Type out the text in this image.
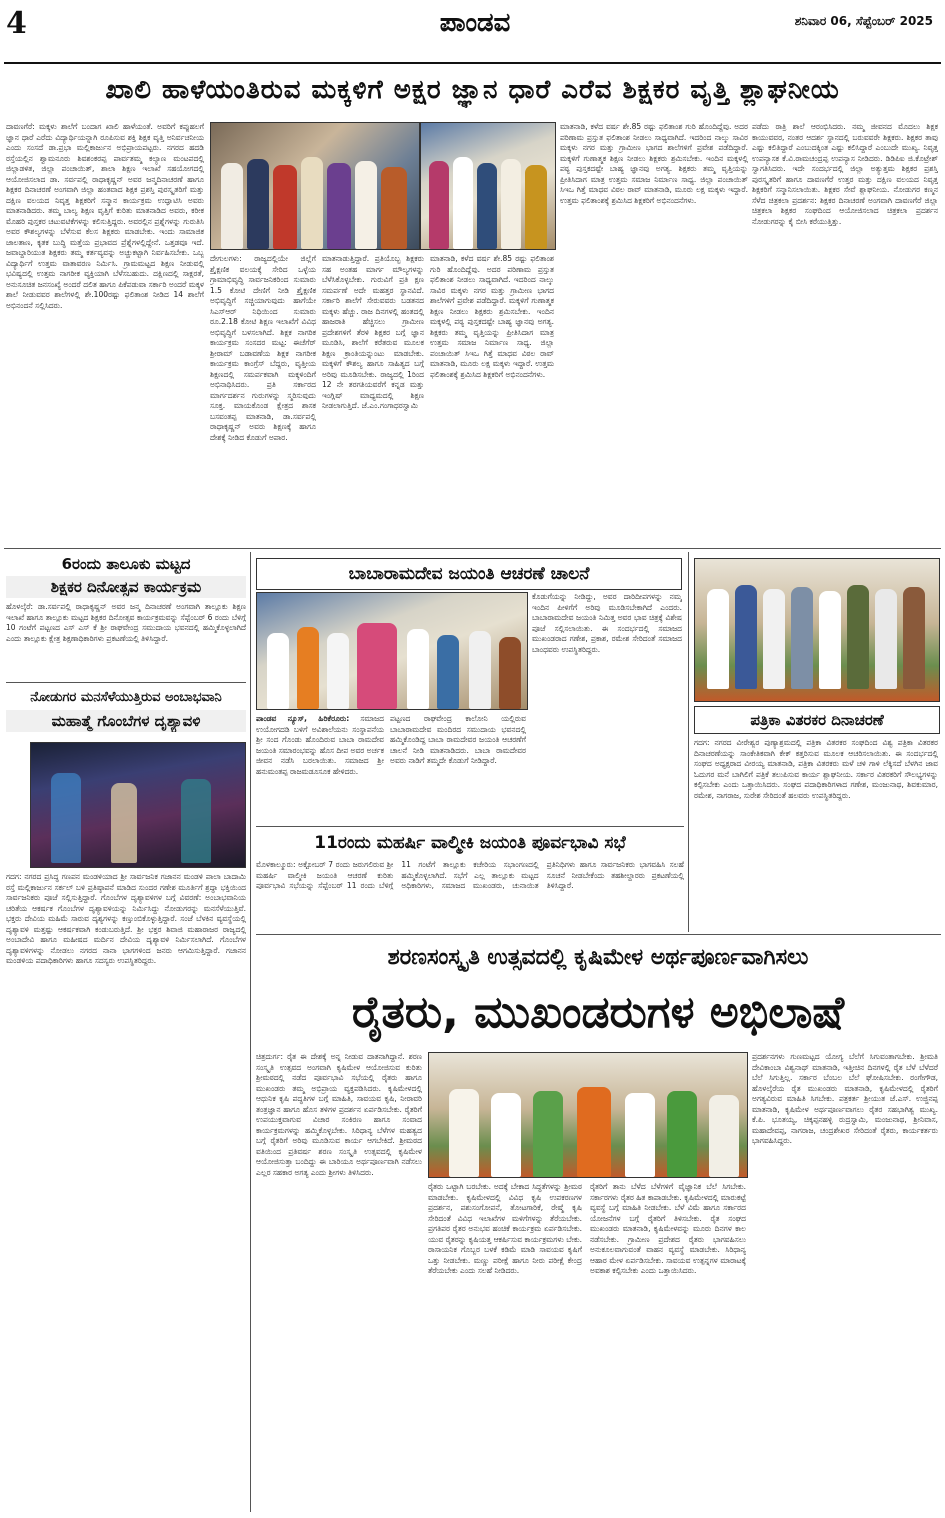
4	ಪಾಂಡವ	ಶನಿವಾರ 06, ಸೆಪ್ಟೆಂಬರ್ 2025
ಖಾಲಿ ಹಾಳೆಯಂತಿರುವ ಮಕ್ಕಳಿಗೆ ಅಕ್ಷರ ಜ್ಞಾನ ಧಾರೆ ಎರೆವ ಶಿಕ್ಷಕರ ವೃತ್ತಿ ಶ್ಲಾಘನೀಯ
ದಾವಣಗೆರೆ: ಮಕ್ಕಳು ಶಾಲೆಗೆ ಬಂದಾಗ ಖಾಲಿ ಹಾಳೆಯಂತೆ. ಅವರಿಗೆ ಕಪ್ಪುಹಲಗೆ ಜ್ಞಾನ ಧಾರೆ ಎರೆದು ವಿದ್ಯಾರ್ಥಿಯನ್ನಾಗಿ ರೂಪಿಸುವ ಶಕ್ತಿ ಶಿಕ್ಷಕ ವೃತ್ತಿ ಅನಿರ್ವಚನೀಯ ಎಂದು ಸಂಸದೆ ಡಾ.ಪ್ರಭಾ ಮಲ್ಲಿಕಾರ್ಜುನ ಅಭಿಪ್ರಾಯಪಟ್ಟರು. ನಗರದ ಹದಡಿ ರಸ್ತೆಯಲ್ಲಿನ ಶ್ವಾಮನೂರು ಶಿವಶಂಕರಪ್ಪ ಪಾರ್ವತಮ್ಮ ಕಲ್ಯಾಣ ಮಂಟಪದಲ್ಲಿ ಜಿಲ್ಲಾಡಳಿತ, ಜಿಲ್ಲಾ ಪಂಚಾಯಿತ್, ಶಾಲಾ ಶಿಕ್ಷಣ ಇಲಾಖೆ ಸಹಯೋಗದಲ್ಲಿ ಆಯೋಜಿಸಲಾದ ಡಾ. ಸರ್ವಪಲ್ಲಿ ರಾಧಾಕೃಷ್ಣನ್ ಅವರ ಜನ್ಮದಿನಾಚರಣೆ ಹಾಗೂ ಶಿಕ್ಷಕರ ದಿನಾಚರಣೆ ಅಂಗವಾಗಿ ಜಿಲ್ಲಾ ಹಂತವಾದ ಶಿಕ್ಷಕ ಪ್ರಶಸ್ತಿ ಪುರಸ್ಕೃತರಿಗೆ ಮತ್ತು ದಕ್ಷಿಣ ವಲಯದ ನಿವೃತ್ತ ಶಿಕ್ಷಕರಿಗೆ ಸನ್ಮಾನ ಕಾರ್ಯಕ್ರಮ ಉದ್ಘಾಟಿಸಿ ಅವರು ಮಾತನಾಡಿದರು. ತಮ್ಮ ಬಾಲ್ಯ ಶಿಕ್ಷಣ ವೃತ್ತಿಗೆ ಕುರಿತು ಮಾತನಾಡಿದ ಅವರು, ಕರೀಕ ಮೊಹರಿ ಪುಸ್ತಕರ ಚಟುವಟಿಕೆಗಳನ್ನು ಕಲಿಸುತ್ತಿದ್ದರು. ಅವರಲ್ಲಿನ ಪ್ರಶ್ನೆಗಳನ್ನು ಗುರುತಿಸಿ ಅವರ ಕೌಶಲ್ಯಗಳನ್ನು ಬೆಳೆಸುವ ಕೆಲಸ ಶಿಕ್ಷಕರು ಮಾಡಬೇಕು. ಇಂದು ಸಾಮಾಜಿಕ ಜಾಲತಾಣ, ಕೃತಕ ಬುದ್ಧಿ ಮತ್ತೆಯ ಪ್ರಭಾವದ ಪ್ರೆಶ್ನೆಗಳಲ್ಲಿದ್ದೇನೆ. ಒತ್ತಡವೂ ಇದೆ. ಜವಾಬ್ದಾರಿಯುತ ಶಿಕ್ಷಕರು ತಮ್ಮ ಕರ್ತವ್ಯವನ್ನು ಅಚ್ಚುಕಟ್ಟಾಗಿ ನಿರ್ವಹಿಸಬೇಕು. ಒಬ್ಬ ವಿದ್ಯಾರ್ಥಿಗೆ ಉತ್ತಮ ವಾತಾವರಣ ನಿರ್ಮಿಸಿ. ಗ್ರಾಮಮಟ್ಟದ ಶಿಕ್ಷಣ ನೀಡುವಲ್ಲಿ ಭವಿಷ್ಯದಲ್ಲಿ ಉತ್ತಮ ನಾಗರೀಕ ವ್ಯಕ್ತಿಯಾಗಿ ಬೆಳೆಸಬಹುದು. ದಕ್ಷಿಣದಲ್ಲಿ ಸಾಕ್ಷರತೆ, ಅನುಸೂಚಿತ ಜನಸಂಖ್ಯೆ ಅಂದರೆ ದಲಿತ ಹಾಗೂ ಪಿಕೆಪಡುವಾ ಸರ್ಕಾರಿ ಅಂದರೆ ಮಕ್ಕಳ ಶಾಲೆ ನೀಡುವವರ ಶಾಲೆಗಳಲ್ಲಿ ಶೇ.100ರಷ್ಟು ಫಲಿತಾಂಶ ನೀಡಿದ 14 ಶಾಲೆಗೆ ಅಭಿನಂದನೆ ಸಲ್ಲಿಸಿದರು.
ದೇಗುಲಗಳು: ರಾಜ್ಯದಲ್ಲಿಯೇ ಜಿಲ್ಲೆಗೆ ಶ್ರೈಕ್ಷಣಿಕ ವಲಯಕ್ಕೆ ಸೇರಿದ ಒಳ್ಳೆಯ ಗ್ರಾಮಾಭಿವೃದ್ಧಿ ಸಾರ್ವಜನಿಕರಿಂದ ಸುಮಾರು 1.5 ಕೋಟಿ ದೇಣಿಗೆ ನೀಡಿ ಶ್ರೈಕ್ಷಣಿಕ ಅಭಿವೃದ್ಧಿಗೆ ಸಚ್ಚಿಯಾಗುವುದು ಹಾಗೆಯೇ ಸಿಎಸ್‌ಆರ್ ನಿಧಿಯಿಂದ ಸುಮಾರು ರೂ.2.18 ಕೋಟಿ ಶಿಕ್ಷಣ ಇಲಾಖೆಗೆ ವಿವಿಧ ಅಭಿವೃದ್ಧಿಗೆ ಬಳಸಲಾಗಿದೆ. ಶಿಕ್ಷಕ ನಾಗರಿಕ ಕಾರ್ಯಕ್ರಮ ಸಂಸದರ ಮಟ್ಟ: ಈಚೆಗೆರ್ ಶ್ರೀರಾಮ್ ಬಡಾವಣೆಯ ಶಿಕ್ಷಕ ನಾಗರೀಕ ಕಾರ್ಯಕ್ರಮ ಕಾಂಗ್ರೆಸ್ ಬೆದ್ದರು, ವೃತ್ತೀಯ ಶಿಕ್ಷಣದಲ್ಲಿ ಸಮರ್ಪಕವಾಗಿ ಮಕ್ಕಳಿಂದಿಗೆ ಅಭಿನಾಥಿಸಿದರು. ಪ್ರತಿ ಸರ್ಕಾರದ ಮಾರ್ಗದರ್ಶನ ಗುರುಗಳನ್ನು ಸ್ಮರಿಸುವುದು ಸೂಕ್ತ. ಮಾಯಕೊಂಡ ಕ್ಷೇತ್ರದ ಶಾಸಕ ಬಸವಂತಪ್ಪ ಮಾತನಾಡಿ, ಡಾ.ಸರ್ವಪಲ್ಲಿ ರಾಧಾಕೃಷ್ಣನ್ ಅವರು ಶಿಕ್ಷಣಕ್ಕೆ ಹಾಗೂ ದೇಶಕ್ಕೆ ನೀಡಿದ ಕೊಡುಗೆ ಅಪಾರ.
ಮಾತನಾಡುತ್ತಿದ್ದಾರೆ. ಪ್ರತಿಯೊಬ್ಬ ಶಿಕ್ಷಕರು ಸಹ ಅಂತಹ ಮಾರ್ಗ ಮೌಲ್ಯಗಳನ್ನು ಬೆಳೆಸಿಕೊಳ್ಳಬೇಕು. ಗುರುವಿಗೆ ಪ್ರತಿ ಕ್ಷಣ ಸಮರ್ಪಣೆ ಅದೇ ಮಹತ್ತರ ಸ್ಥಾನವಿದೆ. ಸರ್ಕಾರಿ ಶಾಲೆಗೆ ಸೇರುವವರು ಬಡತನದ ಮಕ್ಕಳು ಹೆಚ್ಚು. ರಾಜ ದಿನಗಳಲ್ಲಿ ಹಂತದಲ್ಲಿ ಹಾಜರಾತಿ ಹೆಚ್ಚಿಸಲು ಗ್ರಾಮೀಣ ಪ್ರದೇಶಗಳಿಗೆ ತೆರಳಿ ಶಿಕ್ಷಕರ ಬಗ್ಗೆ ಜ್ಞಾನ ಮೂಡಿಸಿ, ಶಾಲೆಗೆ ಕರೆತರುವ ಮೂಲಕ ಶಿಕ್ಷಣ ಕ್ರಾಂತಿಯನ್ನುಂಟು ಮಾಡಬೇಕು. ಮಕ್ಕಳಿಗೆ ಕೌಶಲ್ಯ ಹಾಗೂ ಸಾಹಿತ್ಯದ ಬಗ್ಗೆ ಅರಿವು ಮೂಡಿಸಬೇಕು. ರಾಜ್ಯದಲ್ಲಿ 1ರಿಂದ 12 ನೇ ತರಗತಿಯವರೆಗೆ ಕನ್ನಡ ಮತ್ತು ಇಂಗ್ಲಿಷ್ ಮಾಧ್ಯಮದಲ್ಲಿ ಶಿಕ್ಷಣ ನೀಡಲಾಗುತ್ತಿದೆ. ಜೆ.ಎಂ.ಗಂಗಾಧರಸ್ವಾಮಿ
ಮಾತನಾಡಿ, ಕಳೆದ ವರ್ಷ ಶೇ.85 ರಷ್ಟು ಫಲಿತಾಂಶ ಗುರಿ ಹೊಂದಿದ್ದೆವು. ಅದರ ಪರಿಣಾಮ ಪ್ರಸ್ತುತ ಫಲಿತಾಂಶ ನೀಡಲು ಸಾಧ್ಯವಾಗಿದೆ. ಇದರಿಂದ ನಾಲ್ಕು ಸಾವಿರ ಮಕ್ಕಳು ನಗರ ಮತ್ತು ಗ್ರಾಮೀಣ ಭಾಗದ ಶಾಲೆಗಳಿಗೆ ಪ್ರವೇಶ ಪಡೆದಿದ್ದಾರೆ. ಮಕ್ಕಳಿಗೆ ಗುಣಾತ್ಮಕ ಶಿಕ್ಷಣ ನೀಡಲು ಶಿಕ್ಷಕರು ಶ್ರಮಿಸಬೇಕು. ಇಂದಿನ ಮಕ್ಕಳಲ್ಲಿ ಪಠ್ಯ ಪುಸ್ತಕದಷ್ಟೇ ಬಾಹ್ಯ ಜ್ಞಾನವು ಅಗತ್ಯ. ಶಿಕ್ಷಕರು ತಮ್ಮ ವೃತ್ತಿಯನ್ನು ಪ್ರೀತಿಸಿದಾಗ ಮಾತ್ರ ಉತ್ತಮ ಸಮಾಜ ನಿರ್ಮಾಣ ಸಾಧ್ಯ. ಜಿಲ್ಲಾ ಪಂಚಾಯಿತ್ ಸಿಇಒ ಗಿತ್ತೆ ಮಾಧವ ವಿಠಲ ರಾವ್ ಮಾತನಾಡಿ, ಮೂರು ಲಕ್ಷ ಮಕ್ಕಳು ಇದ್ದಾರೆ. ಉತ್ತಮ ಫಲಿತಾಂಶಕ್ಕೆ ಶ್ರಮಿಸಿದ ಶಿಕ್ಷಕರಿಗೆ ಅಭಿನಂದನೆಗಳು.
ಪಡೆದು ರಾತ್ರಿ ಶಾಲೆ ಆರಂಭಿಸಿದರು. ನಮ್ಮ ಜೀವನದ ಮೊದಲು ಶಿಕ್ಷಕ ಕಾಯುವವರ, ನಂತರ ಆದರ್ಶ ಸ್ಥಾನದಲ್ಲಿ ಬರುವವರೇ ಶಿಕ್ಷಕರು. ಶಿಕ್ಷಕರ ತಾವು ಎಷ್ಟು ಕಲಿತಿದ್ದಾರೆ ಎಂಬುದಕ್ಕಿಂತ ಎಷ್ಟು ಕಲಿಸಿದ್ದಾರೆ ಎಂಬುದೇ ಮುಖ್ಯ. ನಿವೃತ್ತ ಉಪನ್ಯಾಸಕ ಕೆ.ವಿ.ರಾಮಚಂದ್ರಪ್ಪ ಉಪನ್ಯಾಸ ನೀಡಿದರು. ಡಿಡಿಪಿಐ ಜಿ.ಕೊಟ್ರೇಶ್ ಸ್ವಾಗತಿಸಿದರು. ಇದೇ ಸಂದರ್ಭದಲ್ಲಿ ಜಿಲ್ಲಾ ಅತ್ಯುತ್ತಮ ಶಿಕ್ಷಕರ ಪ್ರಶಸ್ತಿ ಪುರಸ್ಕೃತರಿಗೆ ಹಾಗೂ ದಾವಣಗೆರೆ ಉತ್ತರ ಮತ್ತು ದಕ್ಷಿಣ ವಲಯದ ನಿವೃತ್ತ ಶಿಕ್ಷಕರಿಗೆ ಸನ್ಮಾನಿಸಲಾಯಿತು. ಶಿಕ್ಷಕರ ಸೇವೆ ಶ್ಲಾಘನೀಯ. ನೋಡುಗರ ಕಣ್ಮನ ಸೆಳೆದ ಚಿತ್ರಕಲಾ ಪ್ರದರ್ಶನ: ಶಿಕ್ಷಕರ ದಿನಾಚರಣೆ ಅಂಗವಾಗಿ ದಾವಣಗೆರೆ ಜಿಲ್ಲಾ ಚಿತ್ರಕಲಾ ಶಿಕ್ಷಕರ ಸಂಘದಿಂದ ಆಯೋಜಿಸಲಾದ ಚಿತ್ರಕಲಾ ಪ್ರದರ್ಶನ ನೋಡುಗರನ್ನು ಕೈ ಬೀಸಿ ಕರೆಯುತ್ತಿತ್ತು.
ಮಾತನಾಡಿ, ಕಳೆದ ವರ್ಷ ಶೇ.85 ರಷ್ಟು ಫಲಿತಾಂಶ ಗುರಿ ಹೊಂದಿದ್ದೆವು. ಅದರ ಪರಿಣಾಮ ಪ್ರಸ್ತುತ ಫಲಿತಾಂಶ ನೀಡಲು ಸಾಧ್ಯವಾಗಿದೆ. ಇದರಿಂದ ನಾಲ್ಕು ಸಾವಿರ ಮಕ್ಕಳು ನಗರ ಮತ್ತು ಗ್ರಾಮೀಣ ಭಾಗದ ಶಾಲೆಗಳಿಗೆ ಪ್ರವೇಶ ಪಡೆದಿದ್ದಾರೆ. ಮಕ್ಕಳಿಗೆ ಗುಣಾತ್ಮಕ ಶಿಕ್ಷಣ ನೀಡಲು ಶಿಕ್ಷಕರು ಶ್ರಮಿಸಬೇಕು. ಇಂದಿನ ಮಕ್ಕಳಲ್ಲಿ ಪಠ್ಯ ಪುಸ್ತಕದಷ್ಟೇ ಬಾಹ್ಯ ಜ್ಞಾನವು ಅಗತ್ಯ. ಶಿಕ್ಷಕರು ತಮ್ಮ ವೃತ್ತಿಯನ್ನು ಪ್ರೀತಿಸಿದಾಗ ಮಾತ್ರ ಉತ್ತಮ ಸಮಾಜ ನಿರ್ಮಾಣ ಸಾಧ್ಯ. ಜಿಲ್ಲಾ ಪಂಚಾಯಿತ್ ಸಿಇಒ ಗಿತ್ತೆ ಮಾಧವ ವಿಠಲ ರಾವ್ ಮಾತನಾಡಿ, ಮೂರು ಲಕ್ಷ ಮಕ್ಕಳು ಇದ್ದಾರೆ. ಉತ್ತಮ ಫಲಿತಾಂಶಕ್ಕೆ ಶ್ರಮಿಸಿದ ಶಿಕ್ಷಕರಿಗೆ ಅಭಿನಂದನೆಗಳು.
6ರಂದು ತಾಲೂಕು ಮಟ್ಟದ
ಶಿಕ್ಷಕರ ದಿನೋತ್ಸವ ಕಾರ್ಯಕ್ರಮ
ಹೊಳಲ್ಕೆರೆ: ಡಾ.ಸರ್ವಪಲ್ಲಿ ರಾಧಾಕೃಷ್ಣನ್ ಅವರ ಜನ್ಮ ದಿನಾಚರಣೆ ಅಂಗವಾಗಿ ತಾಲ್ಲೂಕು ಶಿಕ್ಷಣ ಇಲಾಖೆ ಹಾಗೂ ತಾಲ್ಲೂಕು ಮಟ್ಟದ ಶಿಕ್ಷಕರ ದಿನೋತ್ಸವ ಕಾರ್ಯಕ್ರಮವನ್ನು ಸೆಪ್ಟೆಂಬರ್ 6 ರಂದು ಬೆಳಿಗ್ಗೆ 10 ಗಂಟೆಗೆ ಪಟ್ಟಣದ ಎಸ್ ಎಸ್ ಕೆ ಶ್ರೀ ರಾಘವೇಂದ್ರ ಸಮುದಾಯ ಭವನದಲ್ಲಿ ಹಮ್ಮಿಕೊಳ್ಳಲಾಗಿದೆ ಎಂದು ತಾಲ್ಲೂಕು ಕ್ಷೇತ್ರ ಶಿಕ್ಷಣಾಧಿಕಾರಿಗಳು ಪ್ರಕಟಣೆಯಲ್ಲಿ ತಿಳಿಸಿದ್ದಾರೆ.
ನೋಡುಗರ ಮನಸೆಳೆಯುತ್ತಿರುವ ಅಂಬಾಭವಾನಿ
ಮಹಾತ್ಮೆ ಗೊಂಬೆಗಳ ದೃಶ್ಯಾವಳಿ
ಗದಗ: ನಗರದ ಪ್ರಸಿದ್ಧ ಗಣಪನ ಮಂಡಳಿಯಾದ ಶ್ರೀ ಸಾರ್ವಜನಿಕ ಗಜಾನನ ಮಂಡಳಿ ಪಾಲಾ ಬಾದಾಮಿ ರಸ್ತೆ ಮಲ್ಲಿಕಾರ್ಜುನ ಸರ್ಕಲ್ ಬಳಿ ಪ್ರತಿಷ್ಠಾಪನೆ ಮಾಡಿದ ಸುಂದರ ಗಣೇಶ ಮೂರ್ತಿಗೆ ಶ್ರದ್ಧಾ ಭಕ್ತಿಯಿಂದ ಸಾರ್ವಜನಿಕರು ಪೂಜೆ ಸಲ್ಲಿಸುತ್ತಿದ್ದಾರೆ. ಗೊಂಬೆಗಳ ದೃಶ್ಯಾವಳಿಗಳ ಬಗ್ಗೆ ವಿವರಣೆ: ಅಂಬಾಭವಾನಿಯ ಚರಿತೆಯ ಆಕರ್ಷಕ ಗೊಂಬೆಗಳ ದೃಶ್ಯಾವಳಿಯನ್ನು ನಿರ್ಮಿಸಿದ್ದು ನೋಡುಗರನ್ನು ಮನಸೆಳೆಯುತ್ತಿವೆ. ಭಕ್ತರು ದೇವಿಯ ಮಹಿಮೆ ಸಾರುವ ದೃಶ್ಯಗಳನ್ನು ಕಣ್ತುಂಬಿಕೊಳ್ಳುತ್ತಿದ್ದಾರೆ. ಸಂಜೆ ಬೆಳಕಿನ ವ್ಯವಸ್ಥೆಯಲ್ಲಿ ದೃಶ್ಯಾವಳಿ ಮತ್ತಷ್ಟು ಆಕರ್ಷಕವಾಗಿ ಕಂಡುಬರುತ್ತಿದೆ. ಶ್ರೀ ಭಕ್ತರ ಶಿವಾಜಿ ಮಹಾರಾಜರ ರಾಜ್ಯದಲ್ಲಿ ಅಂಬಾದೇವಿ ಹಾಗೂ ಮಹೀಷದ ಮರ್ದಿನ ದೇವಿಯ ದೃಶ್ಯಾವಳಿ ನಿರ್ಮಿಸಲಾಗಿದೆ. ಗೊಂಬೆಗಳ ದೃಶ್ಯಾವಳಿಗಳನ್ನು ನೋಡಲು ನಗರದ ನಾನಾ ಭಾಗಗಳಿಂದ ಜನರು ಆಗಮಿಸುತ್ತಿದ್ದಾರೆ. ಗಜಾನನ ಮಂಡಳಿಯ ಪದಾಧಿಕಾರಿಗಳು ಹಾಗೂ ಸದಸ್ಯರು ಉಪಸ್ಥಿತರಿದ್ದರು.
ಬಾಬಾರಾಮದೇವ ಜಯಂತಿ ಆಚರಣೆ ಚಾಲನೆ
ಪಾಂಡವ ನ್ಯೂಸ್, ಹಿರಿಕೆರೂರು: ಸಮಾಜದ ಉಯೋಗದಡಿ ಬಳಿಗೆ ಅವಿಶಾಲೆಯನು ಸಂಸ್ಥಾಪನೆಯ ಶ್ರೀ ಸಂದ ಗೊಂಡು ಹೊಂದಿರುವ ಬಾಬಾ ರಾಮದೇವ ಜಯಂತಿ ಸಮಾರಂಭವನ್ನು ಹೊಸ ದೀಪ ಅವರ ಅರ್ಚಕ ಜೀವನ ನಡೆಸಿ ಬರಲಾಯಿತು. ಸಮಾಜದ ಶ್ರೀ ಹನುಮಂತಪ್ಪ ರಾಜಮಡೂಸೂಕ ಹೇಳಿದರು.
ಪಟ್ಟಣದ ರಾಘವೇಂದ್ರ ಕಾಲೋನಿ ಯಲ್ಲಿರುವ ಬಾಬಾರಾಮದೇವ ಮಂದಿರದ ಸಮುದಾಯ ಭವನದಲ್ಲಿ ಹಮ್ಮಿಕೊಂಡಿದ್ದ ಬಾಬಾ ರಾಮದೇವರ ಜಯಂತಿ ಆಚರಣೆಗೆ ಚಾಲನೆ ನೀಡಿ ಮಾತನಾಡಿದರು. ಬಾಬಾ ರಾಮದೇವರ ಅವರು ನಾಡಿಗೆ ತಮ್ಮದೇ ಕೊಡುಗೆ ನೀಡಿದ್ದಾರೆ.
ಕೊಡುಗೆಯನ್ನು ನೀಡಿದ್ದು, ಅವರ ದಾರಿದೀಪಗಳನ್ನು ನಮ್ಮ ಇಂದಿನ ಪೀಳಿಗೆಗೆ ಅರಿವು ಮೂಡಿಸಬೇಕಾಗಿದೆ ಎಂದರು. ಬಾಬಾರಾಮದೇವ ಜಯಂತಿ ನಿಮಿತ್ತ ಅವರ ಭಾವ ಚಿತ್ರಕ್ಕೆ ವಿಶೇಷ ಪೂಜೆ ಸಲ್ಲಿಸಲಾಯಿತು. ಈ ಸಂದರ್ಭದಲ್ಲಿ ಸಮಾಜದ ಮುಖಂಡರಾದ ಗಣೇಶ, ಪ್ರಕಾಶ, ರಮೇಶ ಸೇರಿದಂತೆ ಸಮಾಜದ ಬಾಂಧವರು ಉಪಸ್ಥಿತರಿದ್ದರು.
11ರಂದು ಮಹರ್ಷಿ ವಾಲ್ಮೀಕಿ ಜಯಂತಿ ಪೂರ್ವಭಾವಿ ಸಭೆ
ಮೊಳಕಾಲ್ಮೂರು: ಅಕ್ಟೋಬರ್ 7 ರಂದು ಜರುಗಲಿರುವ ಶ್ರೀ ಮಹರ್ಷಿ ವಾಲ್ಮೀಕಿ ಜಯಂತಿ ಆಚರಣೆ ಕುರಿತು ಪೂರ್ವಭಾವಿ ಸಭೆಯನ್ನು ಸೆಪ್ಟೆಂಬರ್ 11 ರಂದು ಬೆಳಿಗ್ಗೆ 11 ಗಂಟೆಗೆ ತಾಲ್ಲೂಕು ಕಚೇರಿಯ ಸಭಾಂಗಣದಲ್ಲಿ ಹಮ್ಮಿಕೊಳ್ಳಲಾಗಿದೆ. ಸಭೆಗೆ ಎಲ್ಲ ತಾಲ್ಲೂಕು ಮಟ್ಟದ ಅಧಿಕಾರಿಗಳು, ಸಮಾಜದ ಮುಖಂಡರು, ಚುನಾಯಿತ ಪ್ರತಿನಿಧಿಗಳು ಹಾಗೂ ಸಾರ್ವಜನಿಕರು ಭಾಗವಹಿಸಿ ಸಲಹೆ ಸೂಚನೆ ನೀಡಬೇಕೆಂದು ತಹಶೀಲ್ದಾರರು ಪ್ರಕಟಣೆಯಲ್ಲಿ ತಿಳಿಸಿದ್ದಾರೆ.
ಪತ್ರಿಕಾ ವಿತರಕರ ದಿನಾಚರಣೆ
ಗದಗ: ನಗರದ ವೀರೇಶ್ವರ ಪುಣ್ಯಾಶ್ರಮದಲ್ಲಿ ಪತ್ರಿಕಾ ವಿತರಕರ ಸಂಘದಿಂದ ವಿಶ್ವ ಪತ್ರಿಕಾ ವಿತರಕರ ದಿನಾಚರಣೆಯನ್ನು ಸಾಂಕೇತಿಕವಾಗಿ ಕೇಕ್ ಕತ್ತರಿಸುವ ಮೂಲಕ ಆಚರಿಸಲಾಯಿತು. ಈ ಸಂದರ್ಭದಲ್ಲಿ ಸಂಘದ ಅಧ್ಯಕ್ಷರಾದ ವೀರಯ್ಯ ಮಾತನಾಡಿ, ಪತ್ರಿಕಾ ವಿತರಕರು ಮಳೆ ಚಳಿ ಗಾಳಿ ಲೆಕ್ಕಿಸದೆ ಬೆಳಗಿನ ಜಾವ ಓದುಗರ ಮನೆ ಬಾಗಿಲಿಗೆ ಪತ್ರಿಕೆ ತಲುಪಿಸುವ ಕಾರ್ಯ ಶ್ಲಾಘನೀಯ. ಸರ್ಕಾರ ವಿತರಕರಿಗೆ ಸೌಲಭ್ಯಗಳನ್ನು ಕಲ್ಪಿಸಬೇಕು ಎಂದು ಒತ್ತಾಯಿಸಿದರು. ಸಂಘದ ಪದಾಧಿಕಾರಿಗಳಾದ ಗಣೇಶ, ಮಂಜುನಾಥ, ಶಿವಕುಮಾರ, ರಮೇಶ, ನಾಗರಾಜ, ಸುರೇಶ ಸೇರಿದಂತೆ ಹಲವರು ಉಪಸ್ಥಿತರಿದ್ದರು.
ಶರಣಸಂಸ್ಕೃತಿ ಉತ್ಸವದಲ್ಲಿ ಕೃಷಿಮೇಳ ಅರ್ಥಪೂರ್ಣವಾಗಿಸಲು
ರೈತರು, ಮುಖಂಡರುಗಳ ಅಭಿಲಾಷೆ
ಚಿತ್ರದುರ್ಗ: ರೈತ ಈ ದೇಶಕ್ಕೆ ಅನ್ನ ನೀಡುವ ದಾತನಾಗಿದ್ದಾನೆ. ಶರಣ ಸಂಸ್ಕೃತಿ ಉತ್ಸವದ ಅಂಗವಾಗಿ ಕೃಷಿಮೇಳ ಆಯೋಜಿಸುವ ಕುರಿತು ಶ್ರೀಮಠದಲ್ಲಿ ನಡೆದ ಪೂರ್ವಭಾವಿ ಸಭೆಯಲ್ಲಿ ರೈತರು ಹಾಗೂ ಮುಖಂಡರು ತಮ್ಮ ಅಭಿಪ್ರಾಯ ವ್ಯಕ್ತಪಡಿಸಿದರು. ಕೃಷಿಮೇಳದಲ್ಲಿ ಆಧುನಿಕ ಕೃಷಿ ಪದ್ಧತಿಗಳ ಬಗ್ಗೆ ಮಾಹಿತಿ, ಸಾವಯವ ಕೃಷಿ, ನೀರಾವರಿ ತಂತ್ರಜ್ಞಾನ ಹಾಗೂ ಹೊಸ ತಳಿಗಳ ಪ್ರದರ್ಶನ ಏರ್ಪಡಿಸಬೇಕು. ರೈತರಿಗೆ ಉಪಯುಕ್ತವಾಗುವ ವಿಚಾರ ಸಂಕಿರಣ ಹಾಗೂ ಸಂವಾದ ಕಾರ್ಯಕ್ರಮಗಳನ್ನು ಹಮ್ಮಿಕೊಳ್ಳಬೇಕು. ಸಿರಿಧಾನ್ಯ ಬೆಳೆಗಳ ಮಹತ್ವದ ಬಗ್ಗೆ ರೈತರಿಗೆ ಅರಿವು ಮೂಡಿಸುವ ಕಾರ್ಯ ಆಗಬೇಕಿದೆ. ಶ್ರೀಮಠದ ವತಿಯಿಂದ ಪ್ರತಿವರ್ಷ ಶರಣ ಸಂಸ್ಕೃತಿ ಉತ್ಸವದಲ್ಲಿ ಕೃಷಿಮೇಳ ಆಯೋಜಿಸುತ್ತಾ ಬಂದಿದ್ದು ಈ ಬಾರಿಯೂ ಅರ್ಥಪೂರ್ಣವಾಗಿ ನಡೆಸಲು ಎಲ್ಲರ ಸಹಕಾರ ಅಗತ್ಯ ಎಂದು ಶ್ರೀಗಳು ತಿಳಿಸಿದರು.
ರೈತರು ಒಟ್ಟಾಗಿ ಬರಬೇಕು. ಅದಕ್ಕೆ ಬೇಕಾದ ಸಿದ್ಧತೆಗಳನ್ನು ಶ್ರೀಮಠ ಮಾಡಬೇಕು. ಕೃಷಿಮೇಳದಲ್ಲಿ ವಿವಿಧ ಕೃಷಿ ಉಪಕರಣಗಳ ಪ್ರದರ್ಶನ, ಪಶುಸಂಗೋಪನೆ, ತೋಟಗಾರಿಕೆ, ರೇಷ್ಮೆ ಕೃಷಿ ಸೇರಿದಂತೆ ವಿವಿಧ ಇಲಾಖೆಗಳ ಮಳಿಗೆಗಳನ್ನು ತೆರೆಯಬೇಕು. ಪ್ರಗತಿಪರ ರೈತರ ಅನುಭವ ಹಂಚಿಕೆ ಕಾರ್ಯಕ್ರಮ ಏರ್ಪಡಿಸಬೇಕು. ಯುವ ರೈತರನ್ನು ಕೃಷಿಯತ್ತ ಆಕರ್ಷಿಸುವ ಕಾರ್ಯಕ್ರಮಗಳು ಬೇಕು. ರಾಸಾಯನಿಕ ಗೊಬ್ಬರ ಬಳಕೆ ಕಡಿಮೆ ಮಾಡಿ ಸಾವಯವ ಕೃಷಿಗೆ ಒತ್ತು ನೀಡಬೇಕು. ಮಣ್ಣು ಪರೀಕ್ಷೆ ಹಾಗೂ ನೀರು ಪರೀಕ್ಷೆ ಕೇಂದ್ರ ತೆರೆಯಬೇಕು ಎಂದು ಸಲಹೆ ನೀಡಿದರು.
ರೈತರಿಗೆ ತಾನು ಬೆಳೆದ ಬೆಳೆಗಳಿಗೆ ವೈಜ್ಞಾನಿಕ ಬೆಲೆ ಸಿಗಬೇಕು. ಸರ್ಕಾರಗಳು ರೈತರ ಹಿತ ಕಾಪಾಡಬೇಕು. ಕೃಷಿಮೇಳದಲ್ಲಿ ಮಾರುಕಟ್ಟೆ ವ್ಯವಸ್ಥೆ ಬಗ್ಗೆ ಮಾಹಿತಿ ನೀಡಬೇಕು. ಬೆಳೆ ವಿಮೆ ಹಾಗೂ ಸರ್ಕಾರದ ಯೋಜನೆಗಳ ಬಗ್ಗೆ ರೈತರಿಗೆ ತಿಳಿಸಬೇಕು. ರೈತ ಸಂಘದ ಮುಖಂಡರು ಮಾತನಾಡಿ, ಕೃಷಿಮೇಳವನ್ನು ಮೂರು ದಿನಗಳ ಕಾಲ ನಡೆಸಬೇಕು. ಗ್ರಾಮೀಣ ಪ್ರದೇಶದ ರೈತರು ಭಾಗವಹಿಸಲು ಅನುಕೂಲವಾಗುವಂತೆ ವಾಹನ ವ್ಯವಸ್ಥೆ ಮಾಡಬೇಕು. ಸಿರಿಧಾನ್ಯ ಆಹಾರ ಮೇಳ ಏರ್ಪಡಿಸಬೇಕು. ಸಾವಯವ ಉತ್ಪನ್ನಗಳ ಮಾರಾಟಕ್ಕೆ ಅವಕಾಶ ಕಲ್ಪಿಸಬೇಕು ಎಂದು ಒತ್ತಾಯಿಸಿದರು.
ಪ್ರದರ್ಶನಗಳು ಗುಣಮಟ್ಟದ ಯೋಗ್ಯ ಬೆಲೆಗೆ ಸಿಗುವಂತಾಗಬೇಕು. ಶ್ರೀಮತಿ ದೇವಿಕಾಂಬಾ ವಿಶ್ವನಾಥ್ ಮಾತನಾಡಿ, ಇತ್ತೀಚಿನ ದಿನಗಳಲ್ಲಿ ರೈತ ಬೆಳೆ ಬೆಳೆದರೆ ಬೆಲೆ ಸಿಗುತ್ತಿಲ್ಲ. ಸರ್ಕಾರ ಬೆಂಬಲ ಬೆಲೆ ಘೋಷಿಸಬೇಕು. ರಂಗೇಗೌಡ, ಹೊಳಲ್ಕೆರೆಯ ರೈತ ಮುಖಂಡರು ಮಾತನಾಡಿ, ಕೃಷಿಮೇಳದಲ್ಲಿ ರೈತರಿಗೆ ಅಗತ್ಯವಿರುವ ಮಾಹಿತಿ ಸಿಗಬೇಕು. ಪತ್ರಕರ್ತ ಶ್ರೀಯುತ ಜೆ.ಎಸ್. ಉಜ್ಜಿನಪ್ಪ ಮಾತನಾಡಿ, ಕೃಷಿಮೇಳ ಅರ್ಥಪೂರ್ಣವಾಗಲು ರೈತರ ಸಹಭಾಗಿತ್ವ ಮುಖ್ಯ. ಕೆ.ಪಿ. ಭೂತಯ್ಯ, ಚಿಕ್ಕಪ್ಪನಹಳ್ಳಿ ರುದ್ರಸ್ವಾಮಿ, ಮಂಜುನಾಥ, ಶ್ರೀನಿವಾಸ, ಮಹಾದೇವಪ್ಪ, ನಾಗರಾಜ, ಚಂದ್ರಶೇಖರ ಸೇರಿದಂತೆ ರೈತರು, ಕಾರ್ಯಕರ್ತರು ಭಾಗವಹಿಸಿದ್ದರು.
